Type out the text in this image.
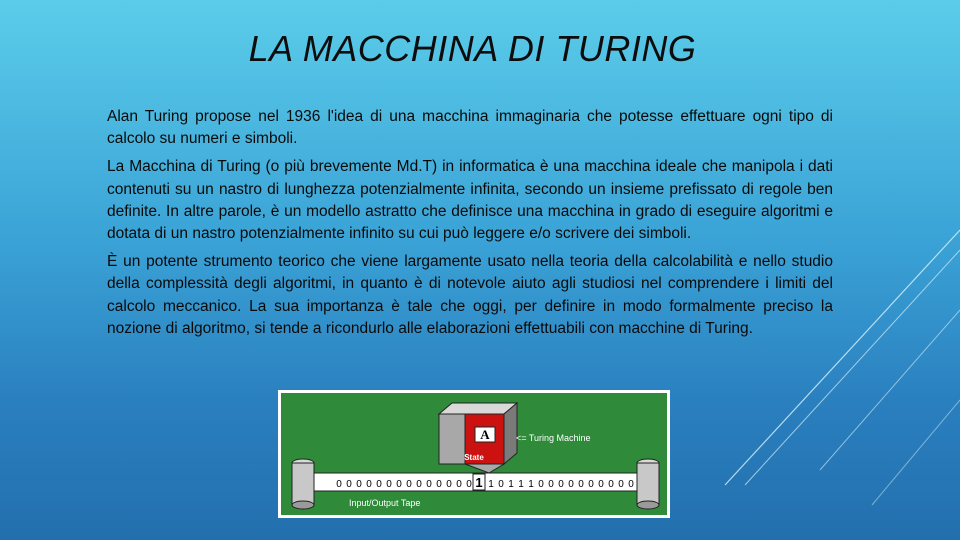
LA MACCHINA DI TURING

Alan Turing propose nel 1936 l'idea di una macchina immaginaria che potesse effettuare ogni tipo di calcolo su numeri e simboli.

La Macchina di Turing (o più brevemente Md.T) in informatica è una macchina ideale che manipola i dati contenuti su un nastro di lunghezza potenzialmente infinita, secondo un insieme prefissato di regole ben definite. In altre parole, è un modello astratto che definisce una macchina in grado di eseguire algoritmi e dotata di un nastro potenzialmente infinito su cui può leggere e/o scrivere dei simboli.

È un potente strumento teorico che viene largamente usato nella teoria della calcolabilità e nello studio della complessità degli algoritmi, in quanto è di notevole aiuto agli studiosi nel comprendere i limiti del calcolo meccanico. La sua importanza è tale che oggi, per definire in modo formalmente preciso la nozione di algoritmo, si tende a ricondurlo alle elaborazioni effettuabili con macchine di Turing.

A
State
<= Turing Machine
0 0 0 0 0 0 0 0 0 0 0 0 0 0 1 1 0 1 1 1 0 0 0 0 0 0 0 0 0 0
Input/Output Tape
